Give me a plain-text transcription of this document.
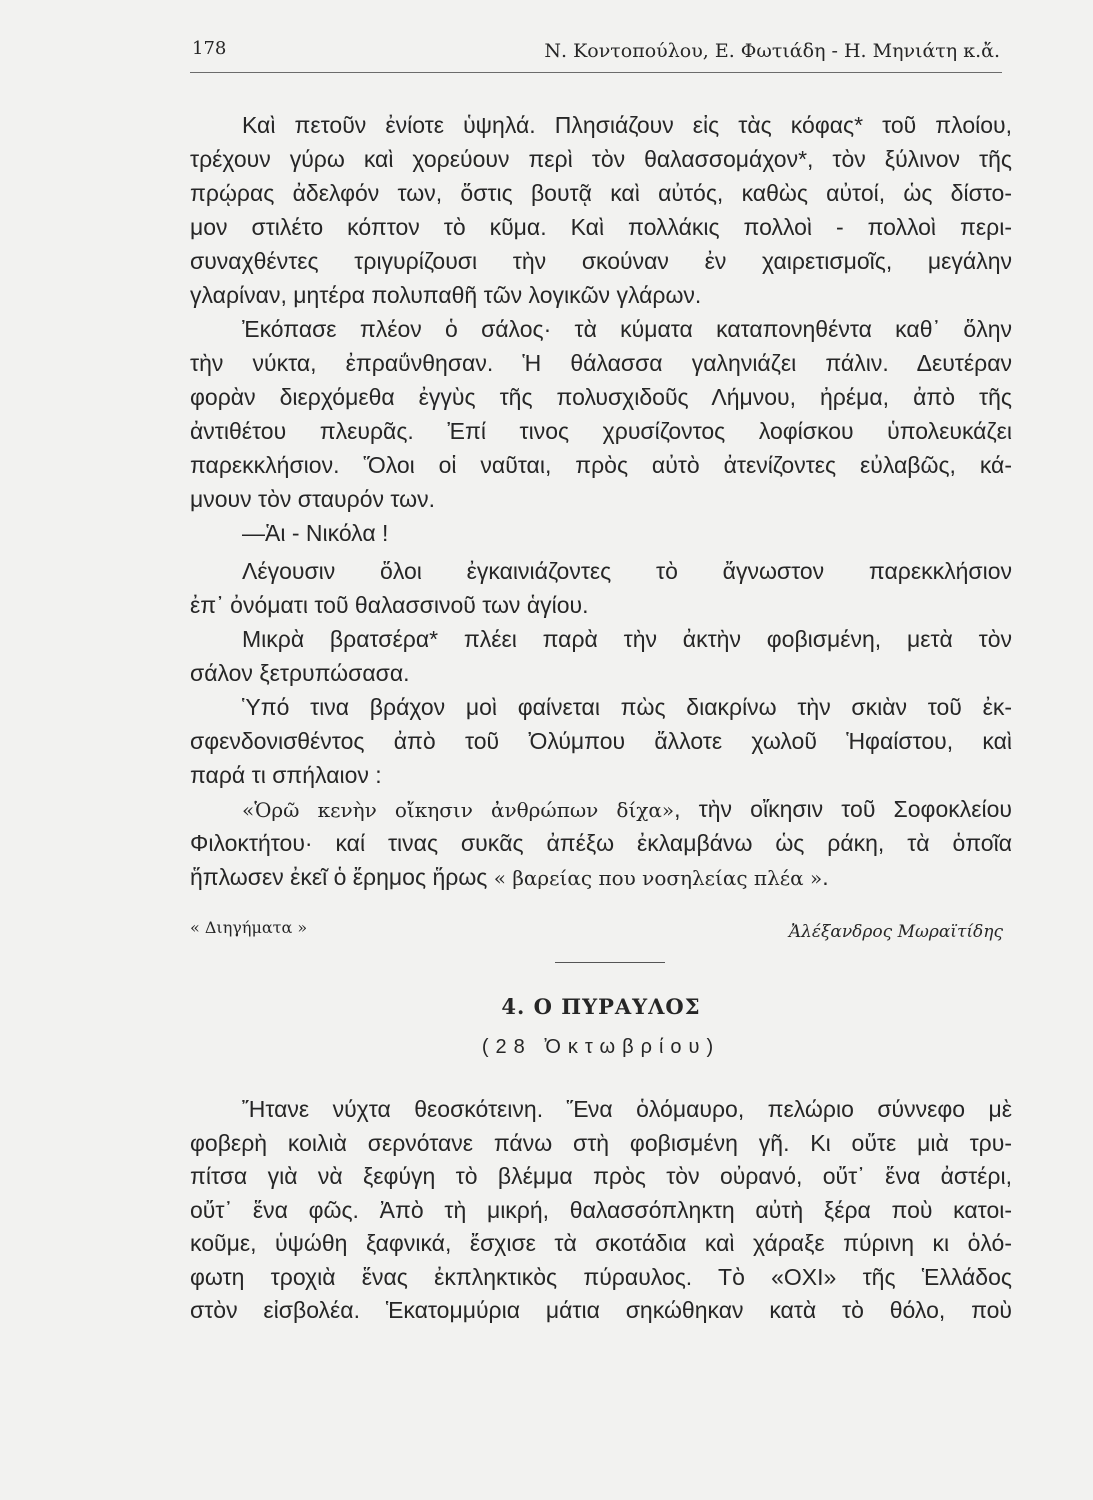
178	Ν. Κοντοπούλου, Ε. Φωτιάδη - Η. Μηνιάτη κ.ἄ.
Καὶ πετοῦν ἐνίοτε ὑψηλά. Πλησιάζουν εἰς τὰς κόφας* τοῦ πλοίου,
τρέχουν γύρω καὶ χορεύουν περὶ τὸν θαλασσομάχον*, τὸν ξύλινον τῆς
πρῴρας ἀδελφόν των, ὅστις βουτᾷ καὶ αὐτός, καθὼς αὐτοί, ὡς δίστο-
μον στιλέτο κόπτον τὸ κῦμα. Καὶ πολλάκις πολλοὶ - πολλοὶ περι-
συναχθέντες τριγυρίζουσι τὴν σκούναν ἐν χαιρετισμοῖς, μεγάλην
γλαρίναν, μητέρα πολυπαθῆ τῶν λογικῶν γλάρων.
Ἐκόπασε πλέον ὁ σάλος· τὰ κύματα καταπονηθέντα καθ᾽ ὅλην
τὴν νύκτα, ἐπραΰνθησαν. Ἡ θάλασσα γαληνιάζει πάλιν. Δευτέραν
φορὰν διερχόμεθα ἐγγὺς τῆς πολυσχιδοῦς Λήμνου, ἠρέμα, ἀπὸ τῆς
ἀντιθέτου πλευρᾶς. Ἐπί τινος χρυσίζοντος λοφίσκου ὑπολευκάζει
παρεκκλήσιον. Ὅλοι οἱ ναῦται, πρὸς αὐτὸ ἀτενίζοντες εὐλαβῶς, κά-
μνουν τὸν σταυρόν των.
—Ἁι - Νικόλα !
Λέγουσιν ὅλοι ἐγκαινιάζοντες τὸ ἄγνωστον παρεκκλήσιον
ἐπ᾽ ὀνόματι τοῦ θαλασσινοῦ των ἁγίου.
Μικρὰ βρατσέρα* πλέει παρὰ τὴν ἀκτὴν φοβισμένη, μετὰ τὸν
σάλον ξετρυπώσασα.
Ὑπό τινα βράχον μοὶ φαίνεται πὼς διακρίνω τὴν σκιὰν τοῦ ἐκ-
σφενδονισθέντος ἀπὸ τοῦ Ὀλύμπου ἄλλοτε χωλοῦ Ἡφαίστου, καὶ
παρά τι σπήλαιον :
«Ὁρῶ κενὴν οἴκησιν ἀνθρώπων δίχα», τὴν οἴκησιν τοῦ Σοφοκλείου
Φιλοκτήτου· καί τινας συκᾶς ἀπέξω ἐκλαμβάνω ὡς ράκη, τὰ ὁποῖα
ἥπλωσεν ἐκεῖ ὁ ἔρημος ἥρως « βαρείας που νοσηλείας πλέα ».
« Διηγήματα »	Ἀλέξανδρος Μωραϊτίδης
4. Ο ΠΥΡΑΥΛΟΣ
(28 Ὀκτωβρίου)
Ἤτανε νύχτα θεοσκότεινη. Ἕνα ὁλόμαυρο, πελώριο σύννεφο μὲ
φοβερὴ κοιλιὰ σερνότανε πάνω στὴ φοβισμένη γῆ. Κι οὔτε μιὰ τρυ-
πίτσα γιὰ νὰ ξεφύγη τὸ βλέμμα πρὸς τὸν οὐρανό, οὔτ᾽ ἕνα ἀστέρι,
οὔτ᾽ ἕνα φῶς. Ἀπὸ τὴ μικρή, θαλασσόπληκτη αὐτὴ ξέρα ποὺ κατοι-
κοῦμε, ὑψώθη ξαφνικά, ἔσχισε τὰ σκοτάδια καὶ χάραξε πύρινη κι ὁλό-
φωτη τροχιὰ ἕνας ἐκπληκτικὸς πύραυλος. Τὸ «ΟΧΙ» τῆς Ἑλλάδος
στὸν εἰσβολέα. Ἑκατομμύρια μάτια σηκώθηκαν κατὰ τὸ θόλο, ποὺ
